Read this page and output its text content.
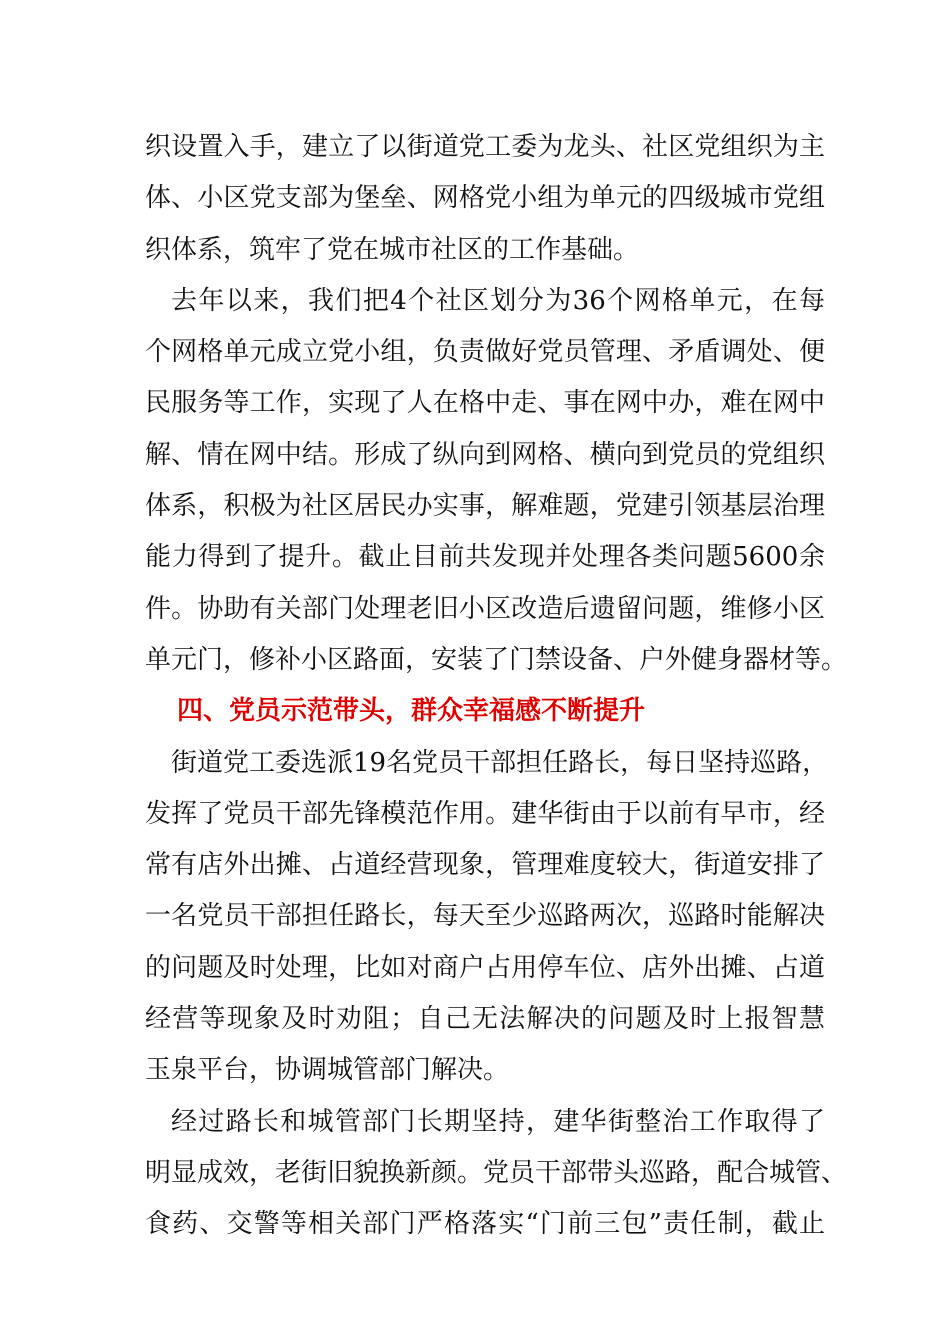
织设置入手，建立了以街道党工委为龙头、社区党组织为主
体、小区党支部为堡垒、网格党小组为单元的四级城市党组
织体系，筑牢了党在城市社区的工作基础。
去年以来，我们把4个社区划分为36个网格单元，在每
个网格单元成立党小组，负责做好党员管理、矛盾调处、便
民服务等工作，实现了人在格中走、事在网中办，难在网中
解、情在网中结。形成了纵向到网格、横向到党员的党组织
体系，积极为社区居民办实事，解难题，党建引领基层治理
能力得到了提升。截止目前共发现并处理各类问题5600余
件。协助有关部门处理老旧小区改造后遗留问题，维修小区
单元门，修补小区路面，安装了门禁设备、户外健身器材等。
四、党员示范带头，群众幸福感不断提升
街道党工委选派19名党员干部担任路长，每日坚持巡路，
发挥了党员干部先锋模范作用。建华街由于以前有早市，经
常有店外出摊、占道经营现象，管理难度较大，街道安排了
一名党员干部担任路长，每天至少巡路两次，巡路时能解决
的问题及时处理，比如对商户占用停车位、店外出摊、占道
经营等现象及时劝阻；自己无法解决的问题及时上报智慧
玉泉平台，协调城管部门解决。
经过路长和城管部门长期坚持，建华街整治工作取得了
明显成效，老街旧貌换新颜。党员干部带头巡路，配合城管、
食药、交警等相关部门严格落实“门前三包”责任制，截止
